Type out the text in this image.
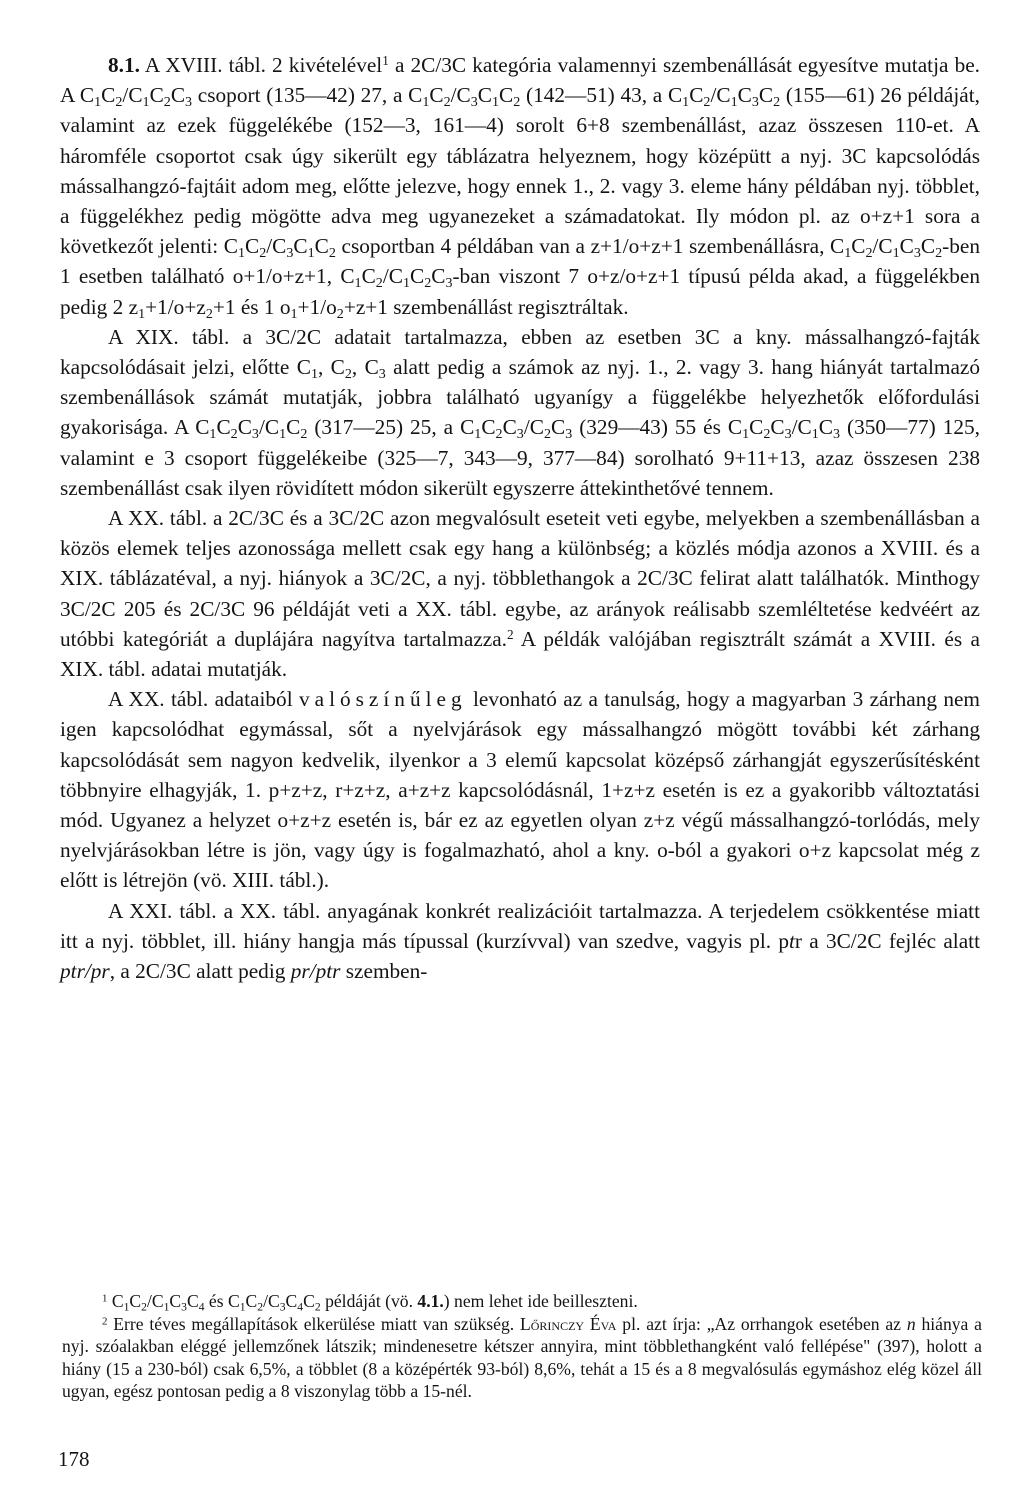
8.1. A XVIII. tábl. 2 kivételével$^1$ a 2C/3C kategória valamennyi szembenállását egyesítve mutatja be. A $C_1C_2/C_1C_2C_3$ csoport (135—42) 27, a $C_1C_2/C_3C_1C_2$ (142—51) 43, a $C_1C_2/C_1C_3C_2$ (155—61) 26 példáját, valamint az ezek függelékébe (152—3, 161—4) sorolt 6+8 szembenállást, azaz összesen 110-et. A háromféle csoportot csak úgy sikerült egy táblázatra helyeznem, hogy középütt a nyj. 3C kapcsolódás mássalhangzó-fajtáit adom meg, előtte jelezve, hogy ennek 1., 2. vagy 3. eleme hány példában nyj. többlet, a függelékhez pedig mögötte adva meg ugyanezeket a számadatokat. Ily módon pl. az o+z+1 sora a következőt jelenti: $C_1C_2/C_3C_1C_2$ csoportban 4 példában van a z+1/o+z+1 szembenállásra, $C_1C_2/C_1C_3C_2$-ben 1 esetben található o+1/o+z+1, $C_1C_2/C_1C_2C_3$-ban viszont 7 o+z/o+z+1 típusú példa akad, a függelékben pedig 2 $z_1+1/o+z_2+1$ és 1 $o_1+1/o_2+z+1$ szembenállást regisztráltak.

A XIX. tábl. a 3C/2C adatait tartalmazza, ebben az esetben 3C a kny. mássalhangzó-fajták kapcsolódásait jelzi, előtte $C_1$, $C_2$, $C_3$ alatt pedig a számok az nyj. 1., 2. vagy 3. hang hiányát tartalmazó szembenállások számát mutatják, jobbra található ugyanígy a függelékbe helyezhetők előfordulási gyakorisága. A $C_1C_2C_3/C_1C_2$ (317—25) 25, a $C_1C_2C_3/C_2C_3$ (329—43) 55 és $C_1C_2C_3/C_1C_3$ (350—77) 125, valamint e 3 csoport függelékeibe (325—7, 343—9, 377—84) sorolható 9+11+13, azaz összesen 238 szembenállást csak ilyen rövidített módon sikerült egyszerre áttekinthetővé tennem.

A XX. tábl. a 2C/3C és a 3C/2C azon megvalósult eseteit veti egybe, melyekben a szembenállásban a közös elemek teljes azonossága mellett csak egy hang a különbség; a közlés módja azonos a XVIII. és a XIX. táblázatéval, a nyj. hiányok a 3C/2C, a nyj. többlethangok a 2C/3C felirat alatt találhatók. Minthogy 3C/2C 205 és 2C/3C 96 példáját veti a XX. tábl. egybe, az arányok reálisabb szemléltetése kedvéért az utóbbi kategóriát a duplájára nagyítva tartalmazza.$^2$ A példák valójában regisztrált számát a XVIII. és a XIX. tábl. adatai mutatják.

A XX. tábl. adataiból valószínűleg levonható az a tanulság, hogy a magyarban 3 zárhang nem igen kapcsolódhat egymással, sőt a nyelvjárások egy mássalhangzó mögött további két zárhang kapcsolódását sem nagyon kedvelik, ilyenkor a 3 elemű kapcsolat középső zárhangját egyszerűsítésként többnyire elhagyják, 1. p+z+z, r+z+z, a+z+z kapcsolódásnál, 1+z+z esetén is ez a gyakoribb változtatási mód. Ugyanez a helyzet o+z+z esetén is, bár ez az egyetlen olyan z+z végű mássalhangzó-torlódás, mely nyelvjárásokban létre is jön, vagy úgy is fogalmazható, ahol a kny. o-ból a gyakori o+z kapcsolat még z előtt is létrejön (vö. XIII. tábl.).

A XXI. tábl. a XX. tábl. anyagának konkrét realizációit tartalmazza. A terjedelem csökkentése miatt itt a nyj. többlet, ill. hiány hangja más típussal (kurzívval) van szedve, vagyis pl. ptr a 3C/2C fejléc alatt ptr/pr, a 2C/3C alatt pedig pr/ptr szemben-

$^1$ $C_1C_2/C_1C_3C_4$ és $C_1C_2/C_3C_4C_2$ példáját (vö. 4.1.) nem lehet ide beilleszteni.

$^2$ Erre téves megállapítások elkerülése miatt van szükség. Lőrinczy Éva pl. azt írja: „Az orrhangok esetében az n hiánya a nyj. szóalakban eléggé jellemzőnek látszik; mindenesetre kétszer annyira, mint többlethangként való fellépése" (397), holott a hiány (15 a 230-ból) csak 6,5%, a többlet (8 a középérték 93-ból) 8,6%, tehát a 15 és a 8 megvalósulás egymáshoz elég közel áll ugyan, egész pontosan pedig a 8 viszonylag több a 15-nél.

178
